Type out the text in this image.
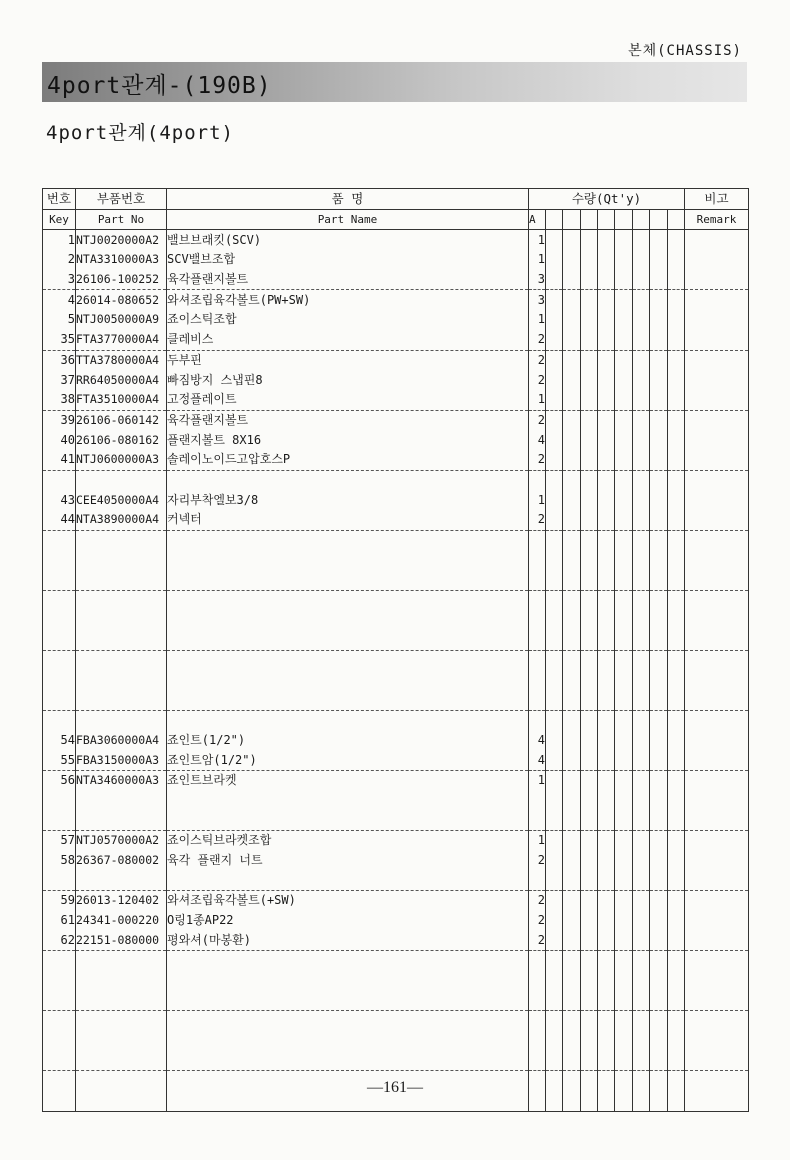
본체(CHASSIS)
4port관계-(190B)
4port관계(4port)
번호	부품번호	품 명	수량(Qt'y)									비고
Key	Part No	Part Name	A									Remark
1	NTJ0020000A2	밸브브래킷(SCV)	1									
2	NTA3310000A3	SCV밸브조합	1									
3	26106-100252	육각플랜지볼트	3									
4	26014-080652	와셔조립육각볼트(PW+SW)	3									
5	NTJ0050000A9	죠이스틱조합	1									
35	FTA3770000A4	클레비스	2									
36	TTA3780000A4	두부핀	2									
37	RR64050000A4	빠짐방지 스냅핀8	2									
38	FTA3510000A4	고정플레이트	1									
39	26106-060142	육각플랜지볼트	2									
40	26106-080162	플랜지볼트 8X16	4									
41	NTJ0600000A3	솔레이노이드고압호스P	2									

43	CEE4050000A4	자리부착엘보3/8	1									
44	NTA3890000A4	커넥터	2									

54	FBA3060000A4	죠인트(1/2")	4									
55	FBA3150000A3	죠인트암(1/2")	4									
56	NTA3460000A3	죠인트브라켓	1									

57	NTJ0570000A2	죠이스틱브라켓조합	1									
58	26367-080002	육각 플랜지 너트	2									

59	26013-120402	와셔조립육각볼트(+SW)	2									
61	24341-000220	O링1종AP22	2									
62	22151-080000	평와셔(마봉환)	2									

—161—
